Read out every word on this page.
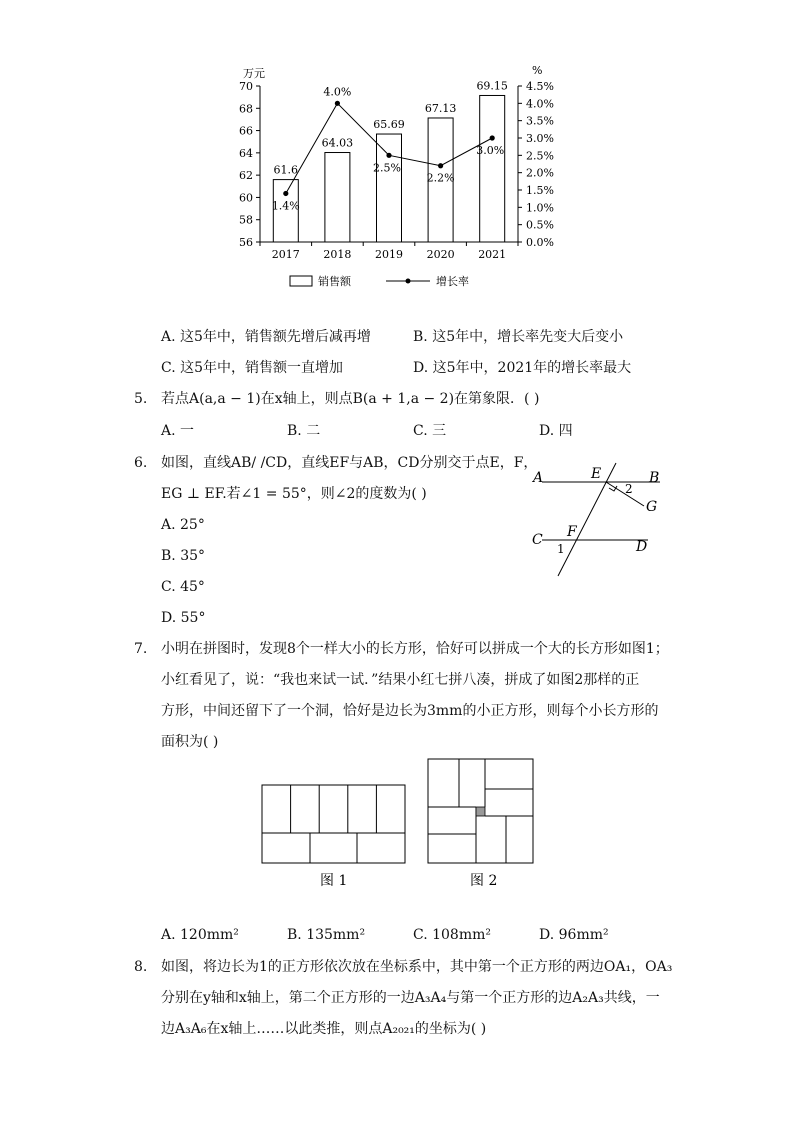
56
58
60
62
64
66
68
70
0.0%
0.5%
1.0%
1.5%
2.0%
2.5%
3.0%
3.5%
4.0%
4.5%
2017 2018 2019 2020 2021
61.6
64.03
65.69
67.13
69.15
1.4%
4.0%
2.5%
2.2%
3.0%
万元	%
销售额	增长率
A. 这5年中，销售额先增后减再增	B. 这5年中，增长率先变大后变小
C. 这5年中，销售额一直增加	D. 这5年中，2021年的增长率最大
5. 若点A(a,a − 1)在x轴上，则点B(a + 1,a − 2)在第象限．( )
A. 一	B. 二	C. 三	D. 四
6. 如图，直线AB/ /CD，直线EF与AB，CD分别交于点E，F，
EG ⊥ EF.若∠1 = 55°，则∠2的度数为( )
A. 25°
B. 35°
C. 45°
D. 55°
A	B
C	D
E
F
G
1
2
7. 小明在拼图时，发现8个一样大小的长方形，恰好可以拼成一个大的长方形如图1；
小红看见了，说：“我也来试一试．”结果小红七拼八凑，拼成了如图2那样的正
方形，中间还留下了一个洞，恰好是边长为3mm的小正方形，则每个小长方形的
面积为( )
图 1	图 2
A. 120mm²	B. 135mm²	C. 108mm²	D. 96mm²
8. 如图，将边长为1的正方形依次放在坐标系中，其中第一个正方形的两边OA₁，OA₃
分别在y轴和x轴上，第二个正方形的一边A₃A₄与第一个正方形的边A₂A₃共线，一
边A₃A₆在x轴上……以此类推，则点A₂₀₂₁的坐标为( )
